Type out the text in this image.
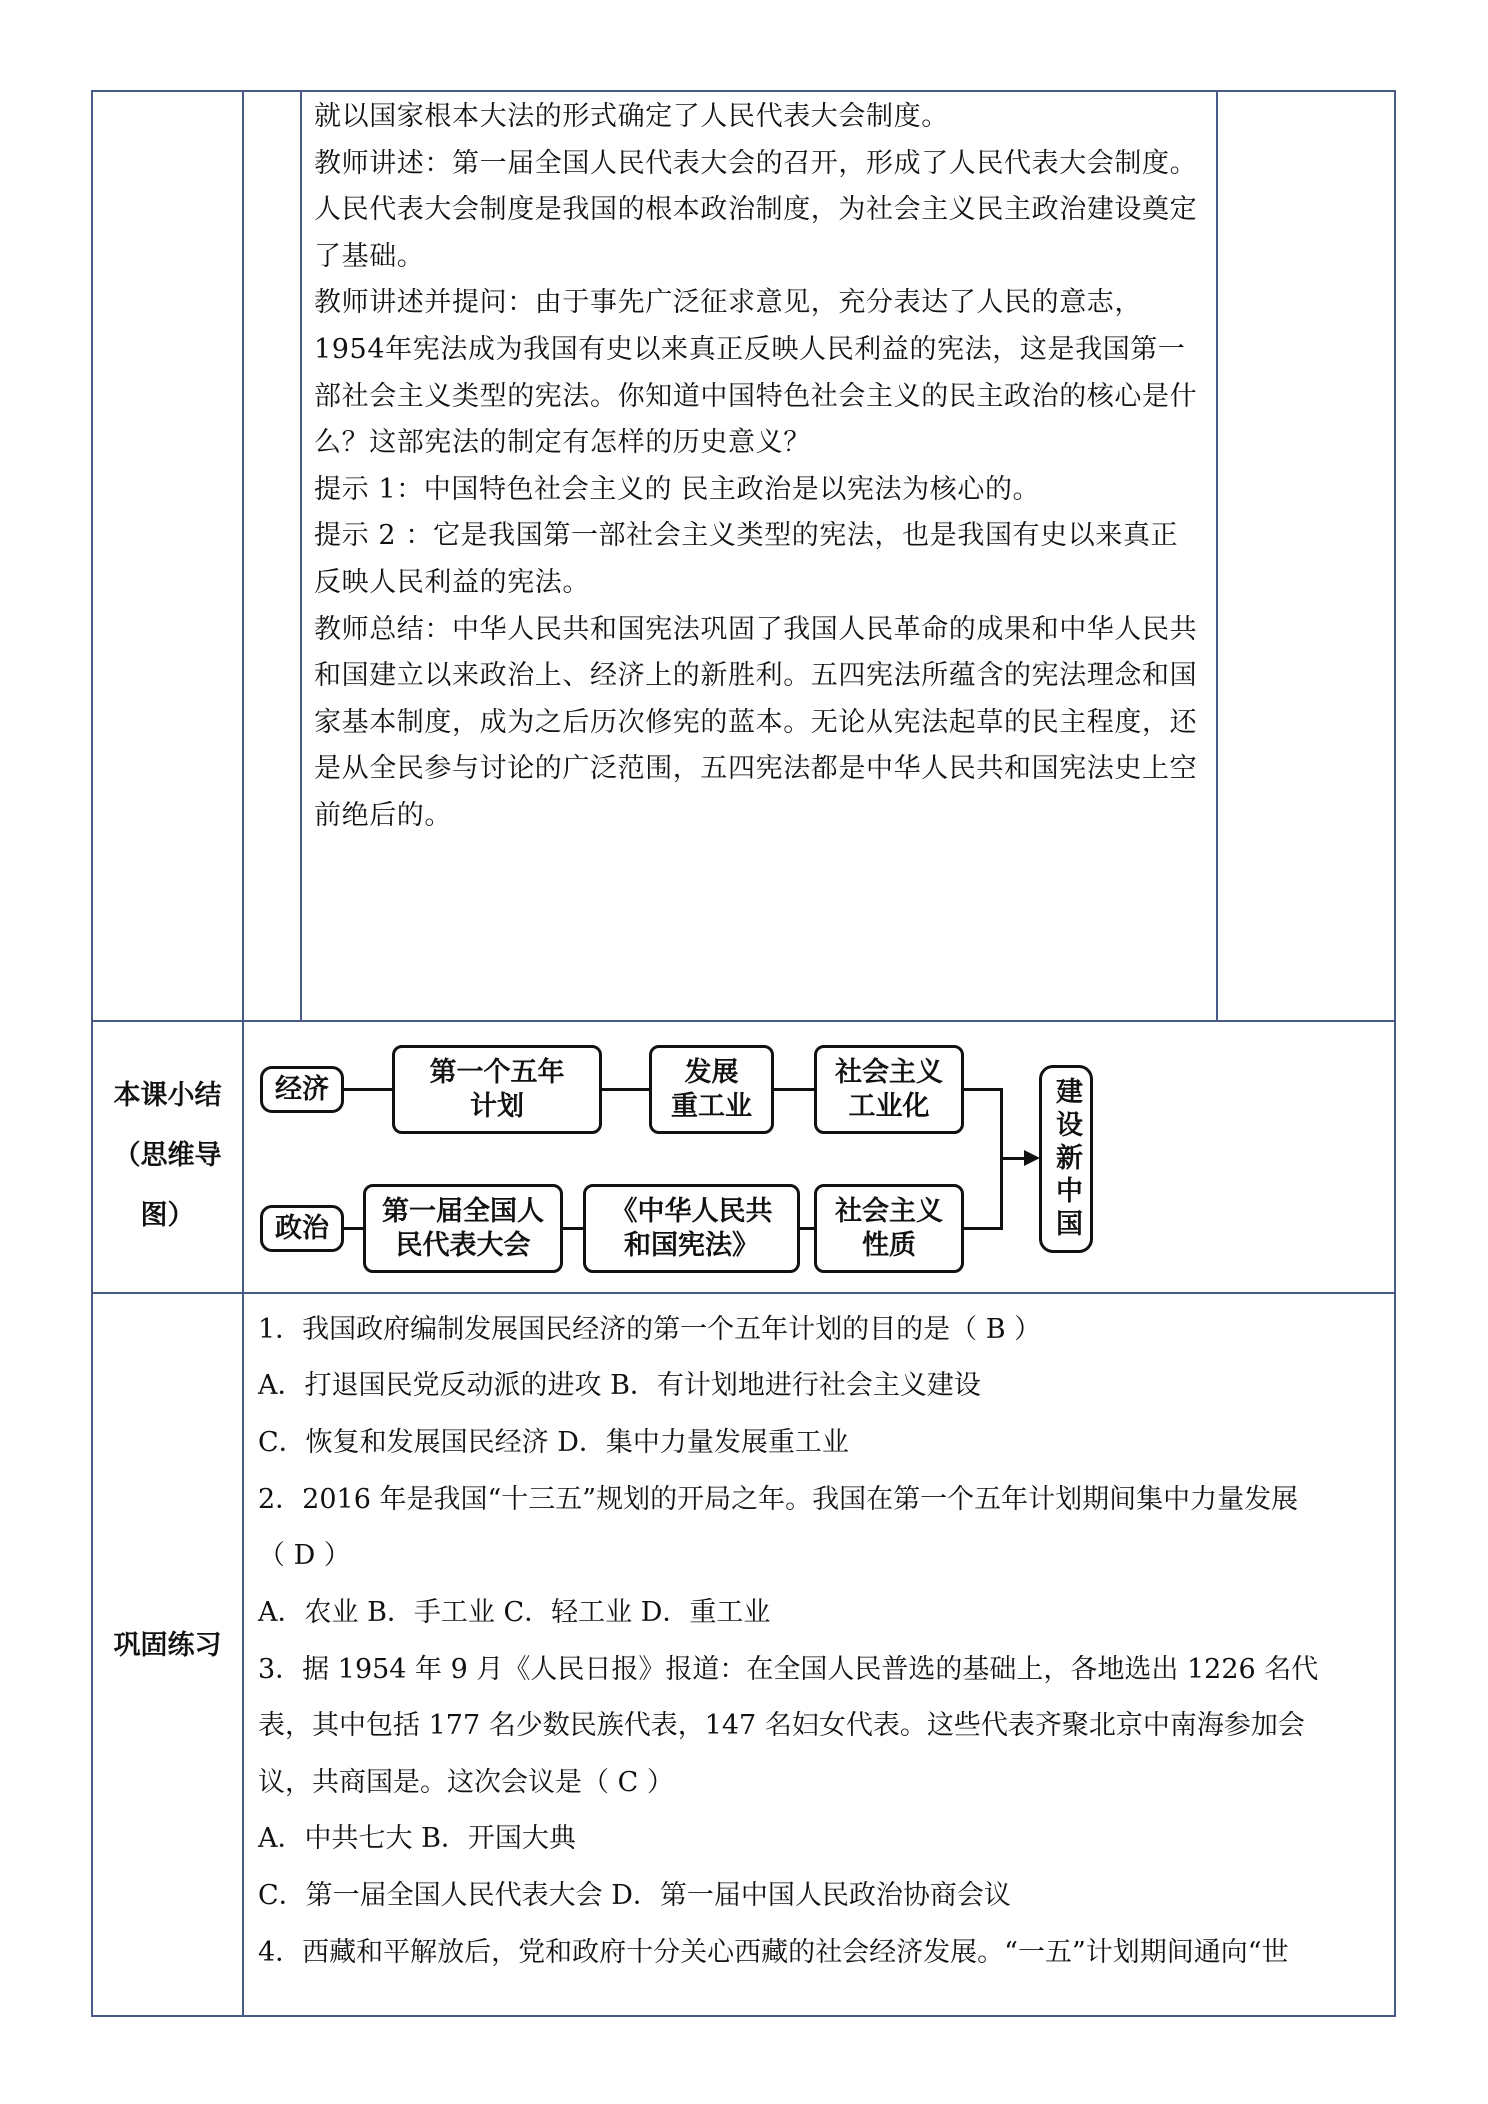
就以国家根本大法的形式确定了人民代表大会制度。

教师讲述：第一届全国人民代表大会的召开，形成了人民代表大会制度。人民代表大会制度是我国的根本政治制度，为社会主义民主政治建设奠定了基础。

教师讲述并提问：由于事先广泛征求意见，充分表达了人民的意志，1954年宪法成为我国有史以来真正反映人民利益的宪法，这是我国第一部社会主义类型的宪法。你知道中国特色社会主义的民主政治的核心是什么？这部宪法的制定有怎样的历史意义？

提示 1：中国特色社会主义的 民主政治是以宪法为核心的。

提示 2 ：它是我国第一部社会主义类型的宪法，也是我国有史以来真正反映人民利益的宪法。

教师总结：中华人民共和国宪法巩固了我国人民革命的成果和中华人民共和国建立以来政治上、经济上的新胜利。五四宪法所蕴含的宪法理念和国家基本制度，成为之后历次修宪的蓝本。无论从宪法起草的民主程度，还是从全民参与讨论的广泛范围，五四宪法都是中华人民共和国宪法史上空前绝后的。

本课小结
（思维导
图）
经济
第一个五年
计划
发展
重工业
社会主义
工业化
政治
第一届全国人
民代表大会
《中华人民共
和国宪法》
社会主义
性质
建设新中国
巩固练习
1．我国政府编制发展国民经济的第一个五年计划的目的是（ B ）
A．打退国民党反动派的进攻 B．有计划地进行社会主义建设
C．恢复和发展国民经济 D．集中力量发展重工业
2．2016 年是我国“十三五”规划的开局之年。我国在第一个五年计划期间集中力量发展
（ D ）
A．农业 B．手工业 C．轻工业 D．重工业
3．据 1954 年 9 月《人民日报》报道：在全国人民普选的基础上，各地选出 1226 名代
表，其中包括 177 名少数民族代表，147 名妇女代表。这些代表齐聚北京中南海参加会
议，共商国是。这次会议是（ C ）
A．中共七大 B．开国大典
C．第一届全国人民代表大会 D．第一届中国人民政治协商会议
4．西藏和平解放后，党和政府十分关心西藏的社会经济发展。“一五”计划期间通向“世
